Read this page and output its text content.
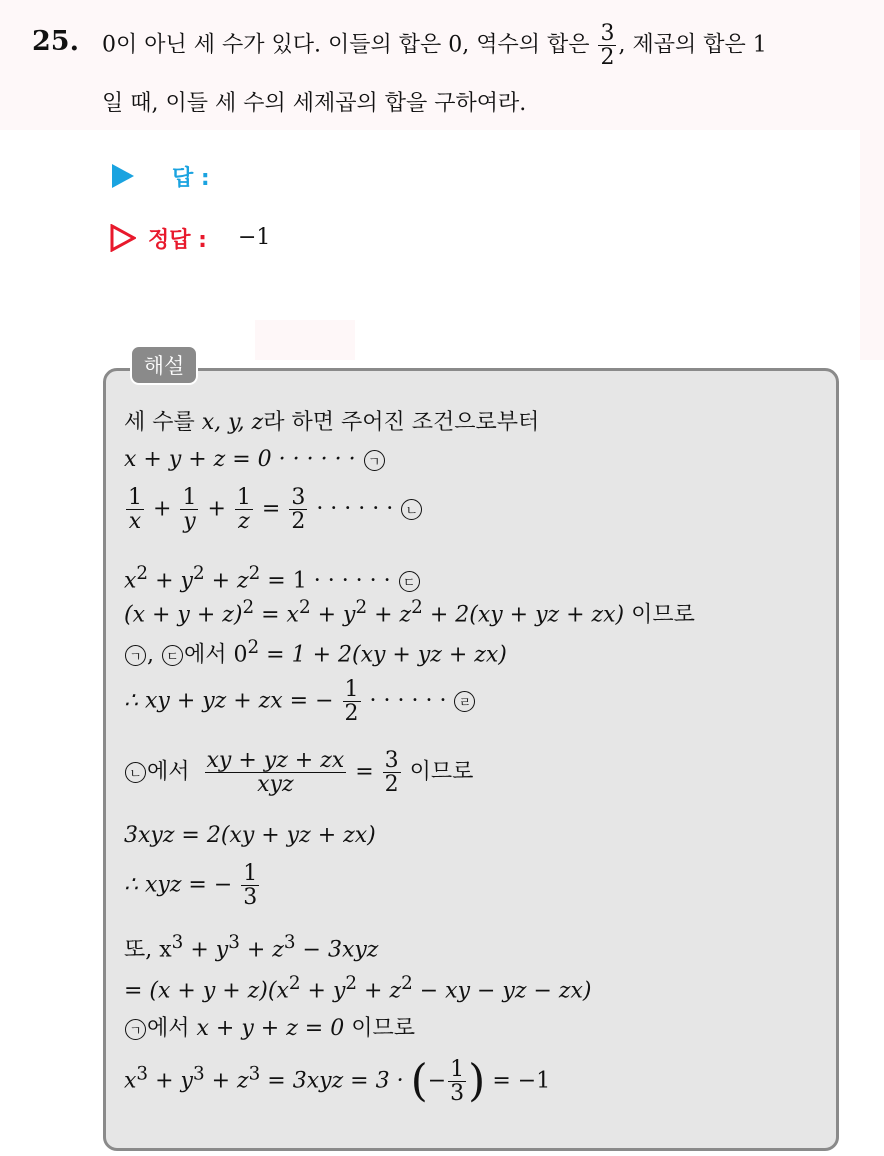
25. 0이 아닌 세 수가 있다. 이들의 합은 0, 역수의 합은 $\frac{3}{2}$ , 제곱의 합은 1
일 때, 이들 세 수의 세제곱의 합을 구하여라.
답 :
정답 : −1
해설
세 수를 x, y, z라 하면 주어진 조건으로부터
x + y + z = 0 · · · · · · ㄱ
$\frac{1}{x} + \frac{1}{y} + \frac{1}{z} = \frac{3}{2}$ · · · · · · ㄴ
$x^2 + y^2 + z^2 = 1$ · · · · · · ㄷ
$(x + y + z)^2 = x^2 + y^2 + z^2 + 2(xy$ + yz + zx) 이므로
ㄱ , ㄷ 에서 $0^2 = 1 + 2(xy$ + yz + zx)
∴ xy + yz + zx = − $\frac{1}{2}$ · · · · · · ㄹ
ㄴ 에서 $\frac{xy + yz + zx}{\text{xyz}} = \frac{3}{2}$ 이므로
3xyz = 2(xy + yz + zx)
∴ xyz = − $\frac{1}{3}$
또, $x^3 + y^3 + z^3 - 3xyz$
= $(x + y + z)(x^2 + y^2 + z^2$ − xy − yz − zx)
ㄱ 에서 x + y + z = 0 이므로
$x^3 + y^3 + z^3 = 3xyz = 3$ · (− $\frac{1}{3}$ ) = −1
